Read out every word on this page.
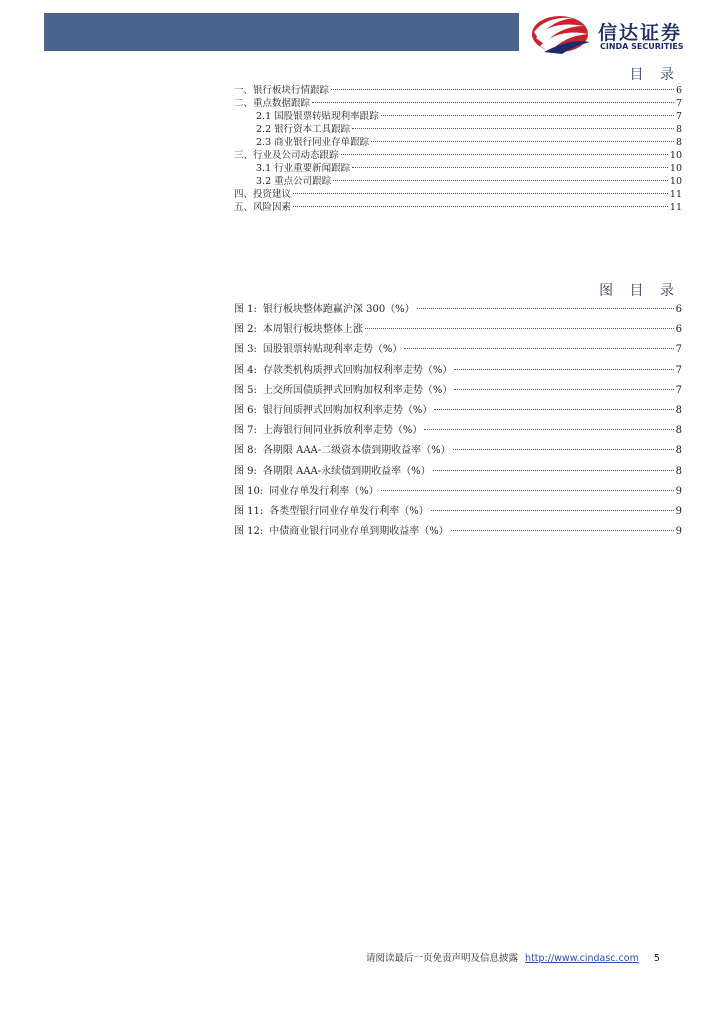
信达证券
CINDA SECURITIES
目 录
一、银行板块行情跟踪	6
二、重点数据跟踪	7
2.1 国股银票转贴现利率跟踪	7
2.2 银行资本工具跟踪	8
2.3 商业银行同业存单跟踪	8
三、行业及公司动态跟踪	10
3.1 行业重要新闻跟踪	10
3.2 重点公司跟踪	10
四、投资建议	11
五、风险因素	11
图 目 录
图 1: 银行板块整体跑赢沪深 300（%）	6
图 2: 本周银行板块整体上涨	6
图 3: 国股银票转贴现利率走势（%）	7
图 4: 存款类机构质押式回购加权利率走势（%）	7
图 5: 上交所国债质押式回购加权利率走势（%）	7
图 6: 银行间质押式回购加权利率走势（%）	8
图 7: 上海银行间同业拆放利率走势（%）	8
图 8: 各期限 AAA-二级资本债到期收益率（%）	8
图 9: 各期限 AAA-永续债到期收益率（%）	8
图 10: 同业存单发行利率（%）	9
图 11: 各类型银行同业存单发行利率（%）	9
图 12: 中债商业银行同业存单到期收益率（%）	9
请阅读最后一页免责声明及信息披露 http://www.cindasc.com 5
